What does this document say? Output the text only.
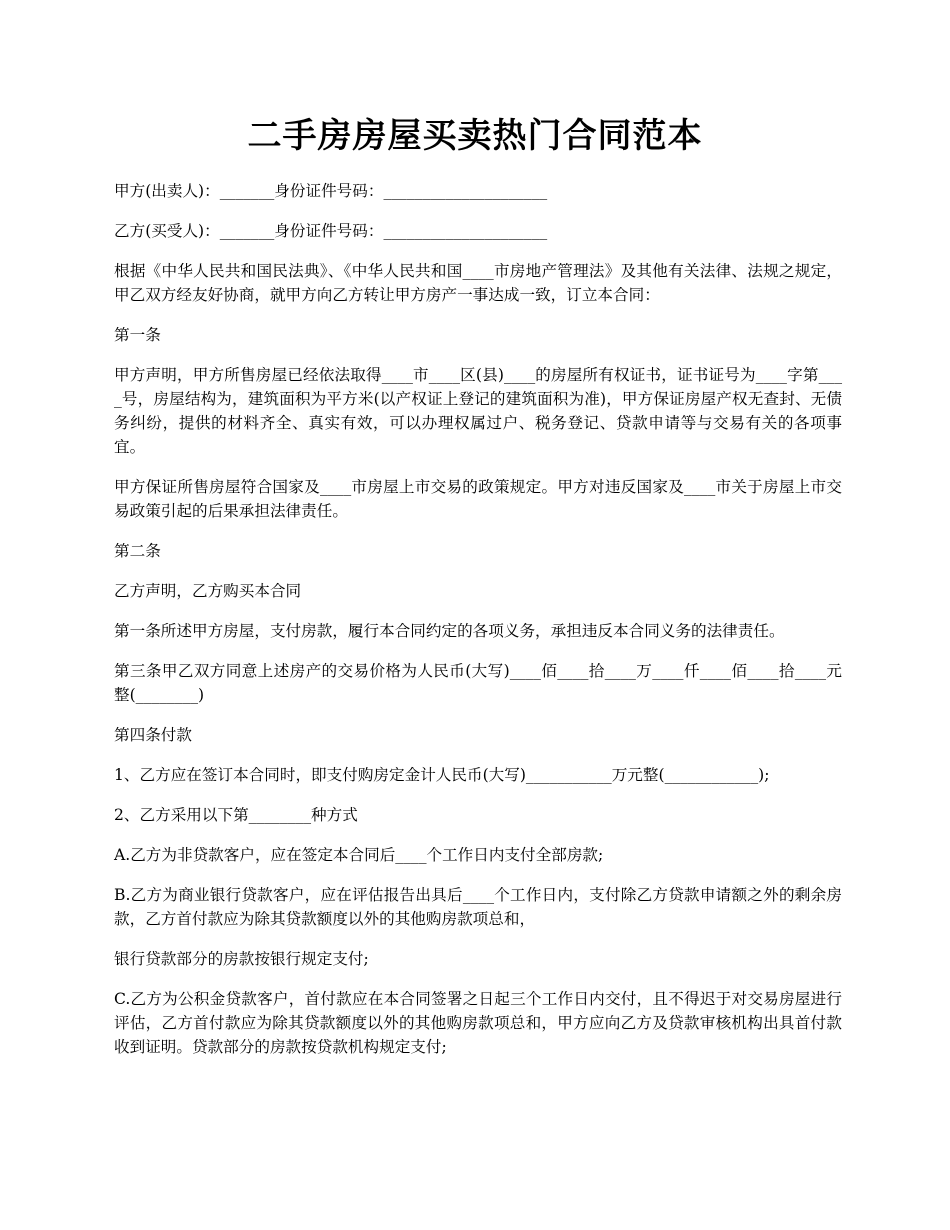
二手房房屋买卖热门合同范本

甲方(出卖人)：_______身份证件号码：_____________________

乙方(买受人)：_______身份证件号码：_____________________

根据《中华人民共和国民法典》、《中华人民共和国____市房地产管理法》及其他有关法律、法规之规定，甲乙双方经友好协商，就甲方向乙方转让甲方房产一事达成一致，订立本合同：

第一条

甲方声明，甲方所售房屋已经依法取得____市____区(县)____的房屋所有权证书，证书证号为____字第____号，房屋结构为，建筑面积为平方米(以产权证上登记的建筑面积为准)，甲方保证房屋产权无查封、无债务纠纷，提供的材料齐全、真实有效，可以办理权属过户、税务登记、贷款申请等与交易有关的各项事宜。

甲方保证所售房屋符合国家及____市房屋上市交易的政策规定。甲方对违反国家及____市关于房屋上市交易政策引起的后果承担法律责任。

第二条

乙方声明，乙方购买本合同

第一条所述甲方房屋，支付房款，履行本合同约定的各项义务，承担违反本合同义务的法律责任。

第三条甲乙双方同意上述房产的交易价格为人民币(大写)____佰____拾____万____仟____佰____拾____元整(________)

第四条付款

1、乙方应在签订本合同时，即支付购房定金计人民币(大写)___________万元整(____________);

2、乙方采用以下第________种方式

A.乙方为非贷款客户，应在签定本合同后____个工作日内支付全部房款;

B.乙方为商业银行贷款客户，应在评估报告出具后____个工作日内，支付除乙方贷款申请额之外的剩余房款，乙方首付款应为除其贷款额度以外的其他购房款项总和，

银行贷款部分的房款按银行规定支付;

C.乙方为公积金贷款客户，首付款应在本合同签署之日起三个工作日内交付，且不得迟于对交易房屋进行评估，乙方首付款应为除其贷款额度以外的其他购房款项总和，甲方应向乙方及贷款审核机构出具首付款收到证明。贷款部分的房款按贷款机构规定支付;
